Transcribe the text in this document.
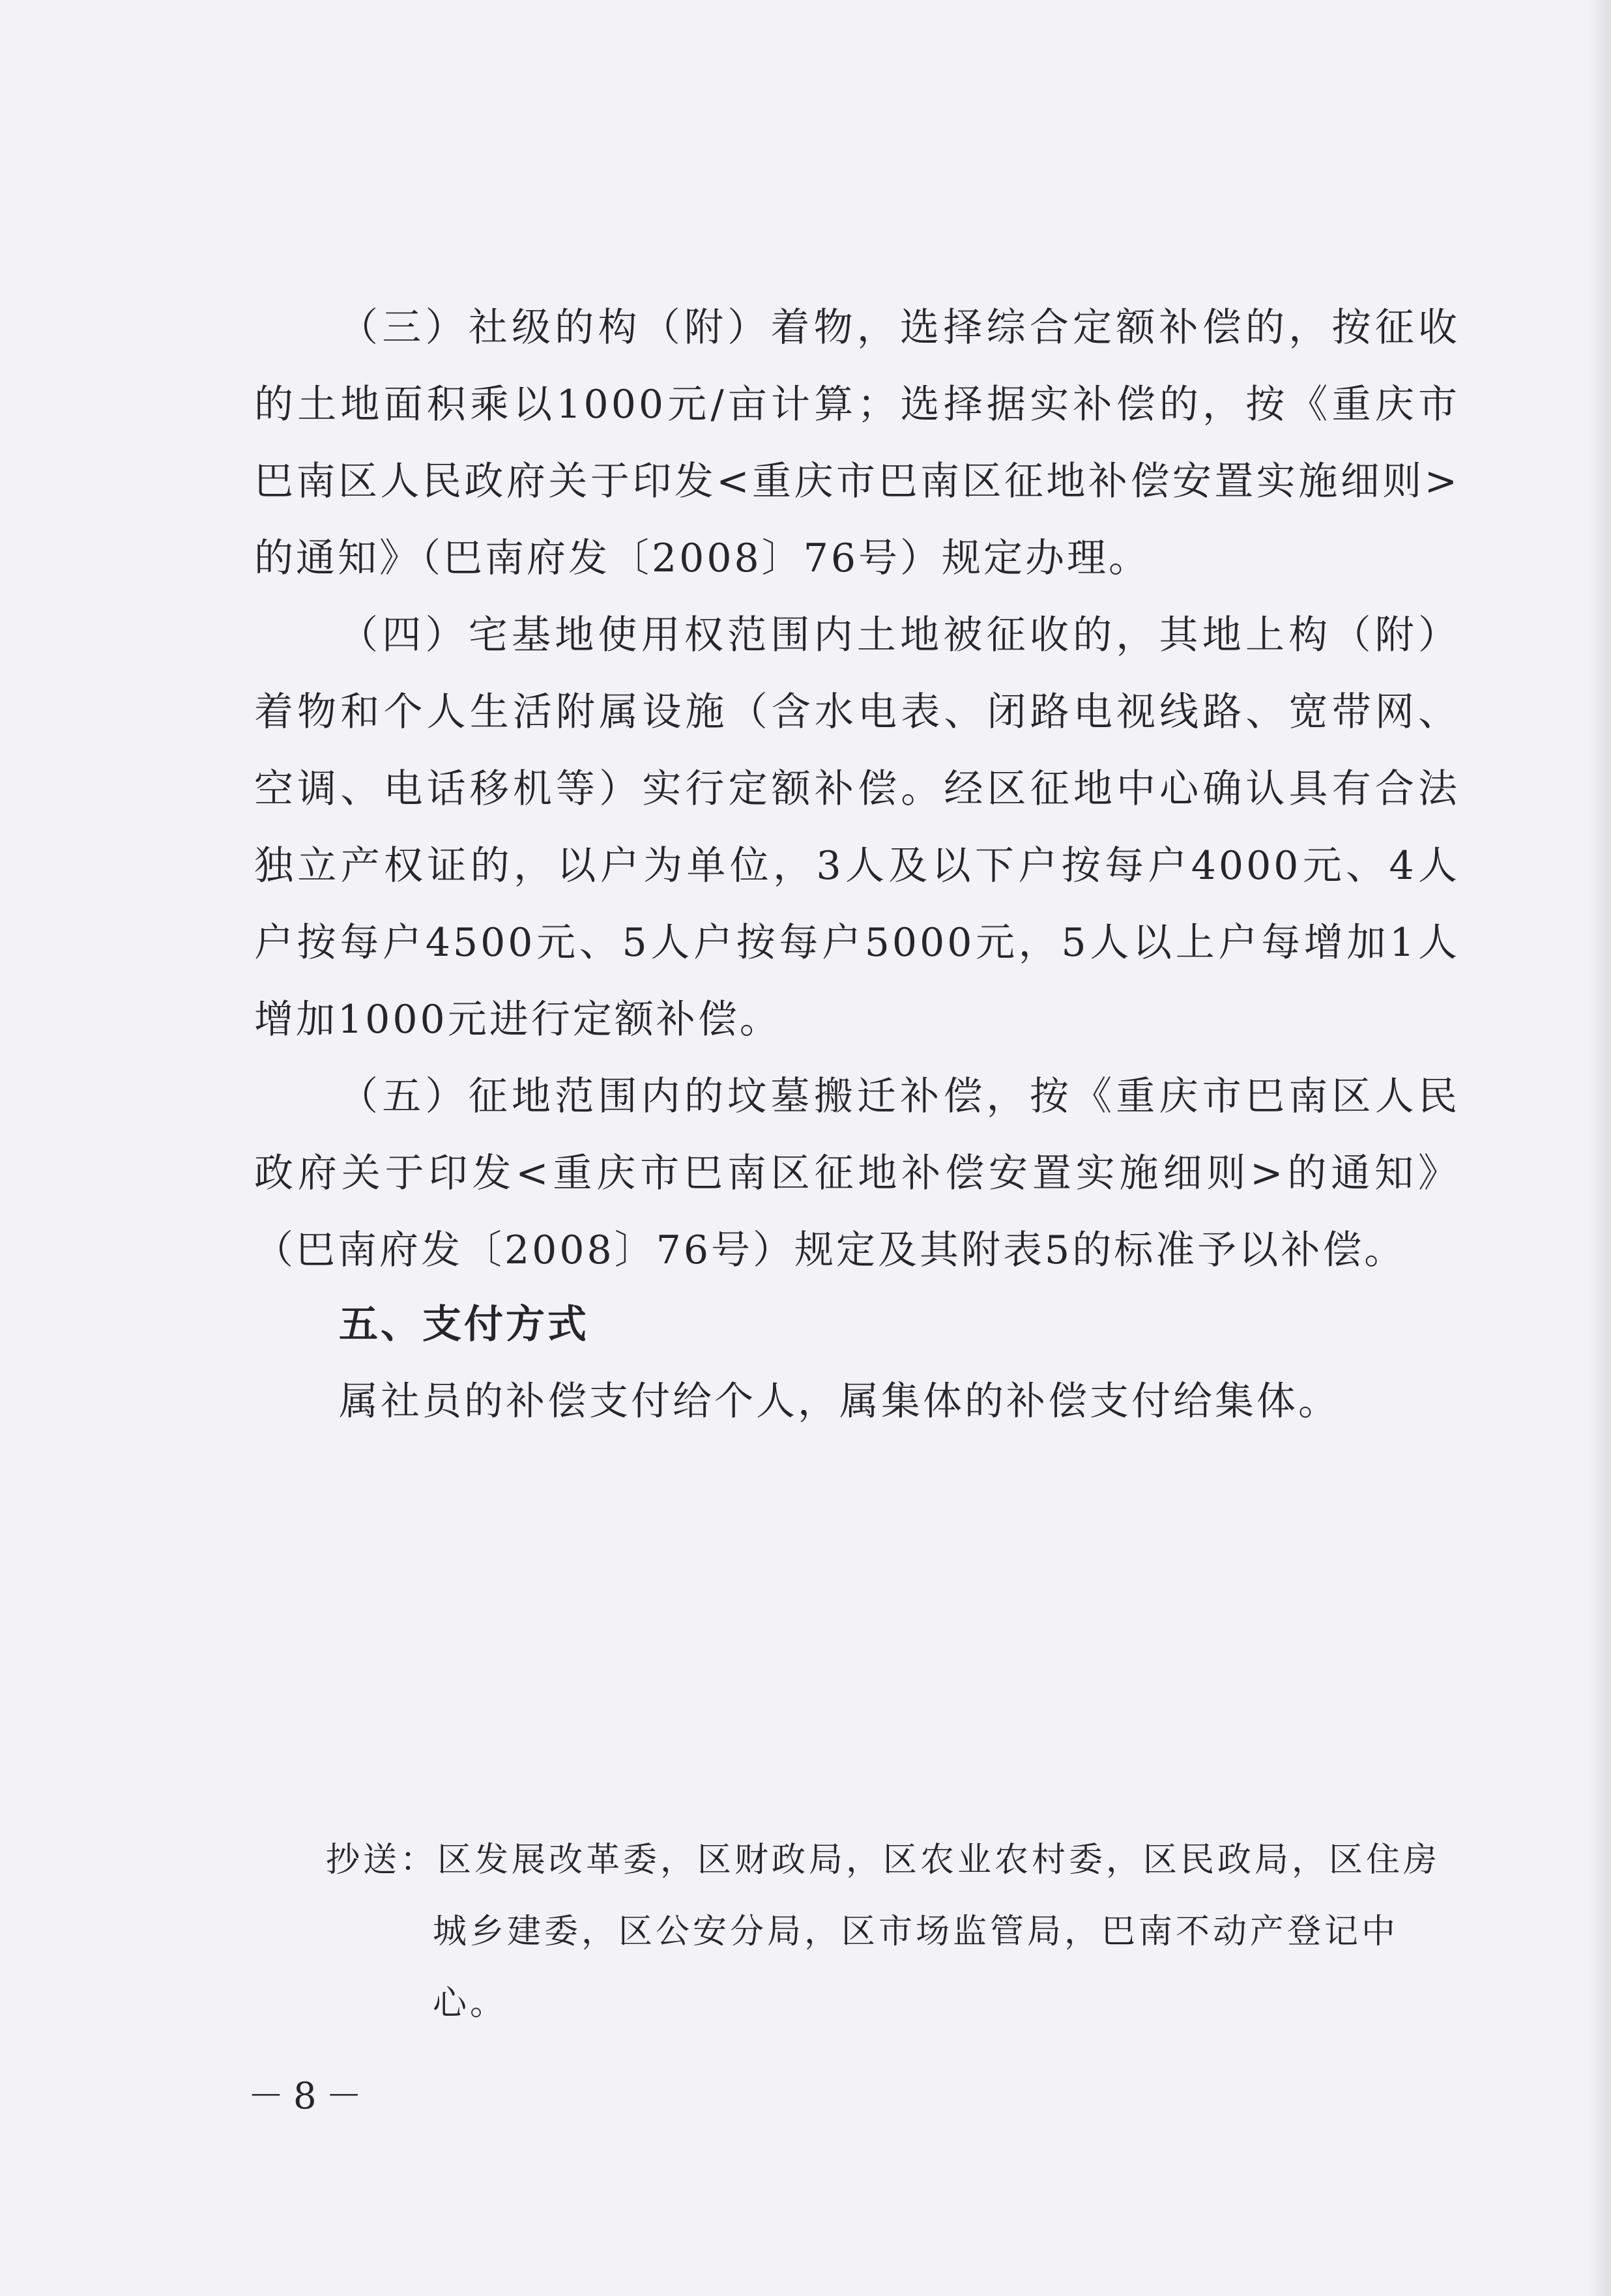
（三）社级的构（附）着物，选择综合定额补偿的，按征收的土地面积乘以1000元/亩计算；选择据实补偿的，按《重庆市巴南区人民政府关于印发<重庆市巴南区征地补偿安置实施细则>的通知》（巴南府发〔2008〕76号）规定办理。

（四）宅基地使用权范围内土地被征收的，其地上构（附）着物和个人生活附属设施（含水电表、闭路电视线路、宽带网、空调、电话移机等）实行定额补偿。经区征地中心确认具有合法独立产权证的，以户为单位，3人及以下户按每户4000元、4人户按每户4500元、5人户按每户5000元，5人以上户每增加1人增加1000元进行定额补偿。

（五）征地范围内的坟墓搬迁补偿，按《重庆市巴南区人民政府关于印发<重庆市巴南区征地补偿安置实施细则>的通知》（巴南府发〔2008〕76号）规定及其附表5的标准予以补偿。

五、支付方式
属社员的补偿支付给个人，属集体的补偿支付给集体。
抄送：区发展改革委，区财政局，区农业农村委，区民政局，区住房
城乡建委，区公安分局，区市场监管局，巴南不动产登记中心。
－8－
